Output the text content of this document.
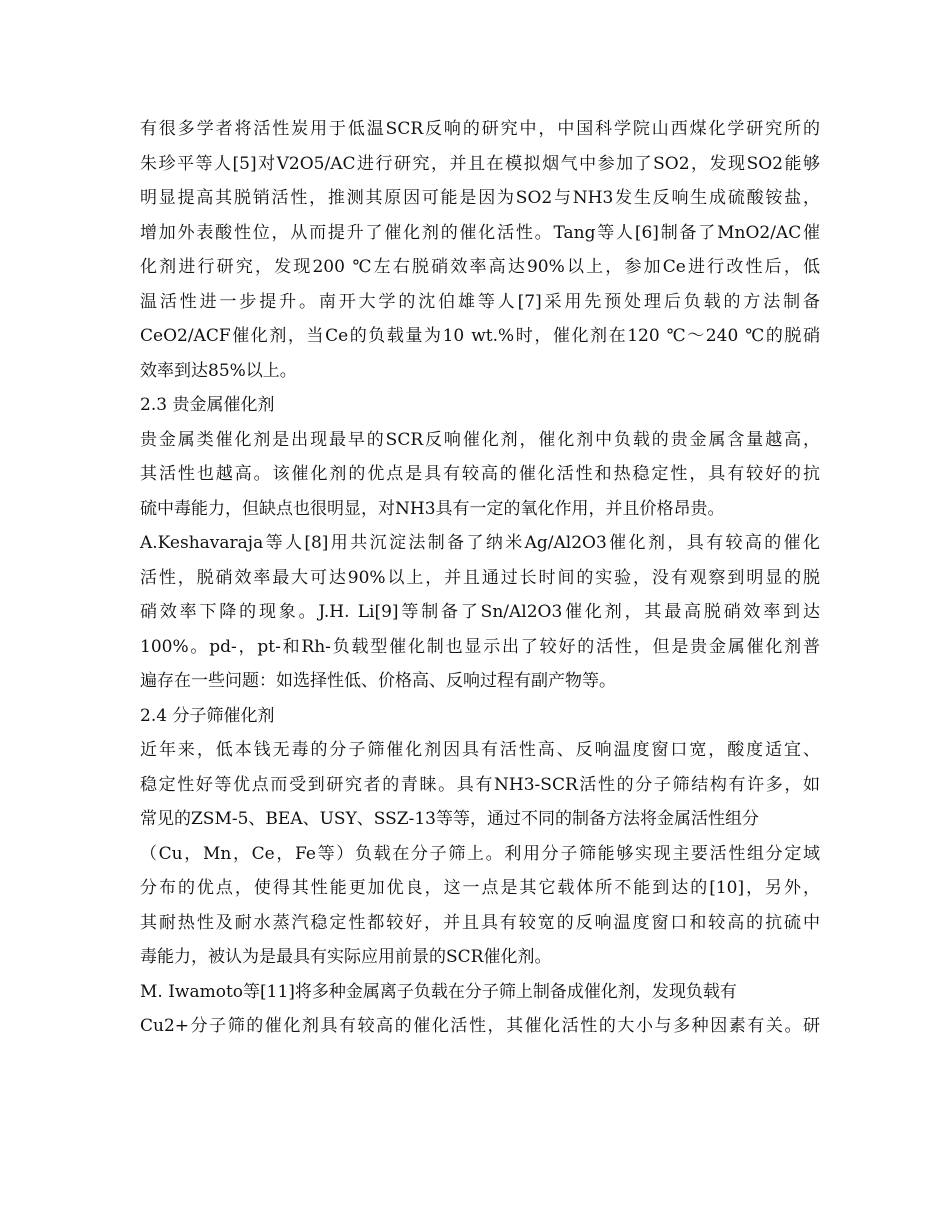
有很多学者将活性炭用于低温SCR反响的研究中，中国科学院山西煤化学研究所的
朱珍平等人[5]对V2O5/AC进行研究，并且在模拟烟气中参加了SO2，发现SO2能够
明显提高其脱销活性，推测其原因可能是因为SO2与NH3发生反响生成硫酸铵盐，
增加外表酸性位，从而提升了催化剂的催化活性。Tang等人[6]制备了MnO2/AC催
化剂进行研究，发现200 ℃左右脱硝效率高达90%以上，参加Ce进行改性后，低
温活性进一步提升。南开大学的沈伯雄等人[7]采用先预处理后负载的方法制备
CeO2/ACF催化剂，当Ce的负载量为10 wt.%时，催化剂在120 ℃～240 ℃的脱硝
效率到达85%以上。
2.3 贵金属催化剂
贵金属类催化剂是出现最早的SCR反响催化剂，催化剂中负载的贵金属含量越高，
其活性也越高。该催化剂的优点是具有较高的催化活性和热稳定性，具有较好的抗
硫中毒能力，但缺点也很明显，对NH3具有一定的氧化作用，并且价格昂贵。
A.Keshavaraja等人[8]用共沉淀法制备了纳米Ag/Al2O3催化剂，具有较高的催化
活性，脱硝效率最大可达90%以上，并且通过长时间的实验，没有观察到明显的脱
硝效率下降的现象。J.H. Li[9]等制备了Sn/Al2O3催化剂，其最高脱硝效率到达
100%。pd-，pt-和Rh-负载型催化制也显示出了较好的活性，但是贵金属催化剂普
遍存在一些问题：如选择性低、价格高、反响过程有副产物等。
2.4 分子筛催化剂
近年来，低本钱无毒的分子筛催化剂因具有活性高、反响温度窗口宽，酸度适宜、
稳定性好等优点而受到研究者的青睐。具有NH3-SCR活性的分子筛结构有许多，如
常见的ZSM-5、BEA、USY、SSZ-13等等，通过不同的制备方法将金属活性组分
（Cu，Mn，Ce，Fe等）负载在分子筛上。利用分子筛能够实现主要活性组分定域
分布的优点，使得其性能更加优良，这一点是其它载体所不能到达的[10]，另外，
其耐热性及耐水蒸汽稳定性都较好，并且具有较宽的反响温度窗口和较高的抗硫中
毒能力，被认为是最具有实际应用前景的SCR催化剂。
M. Iwamoto等[11]将多种金属离子负载在分子筛上制备成催化剂，发现负载有
Cu2+分子筛的催化剂具有较高的催化活性，其催化活性的大小与多种因素有关。研
